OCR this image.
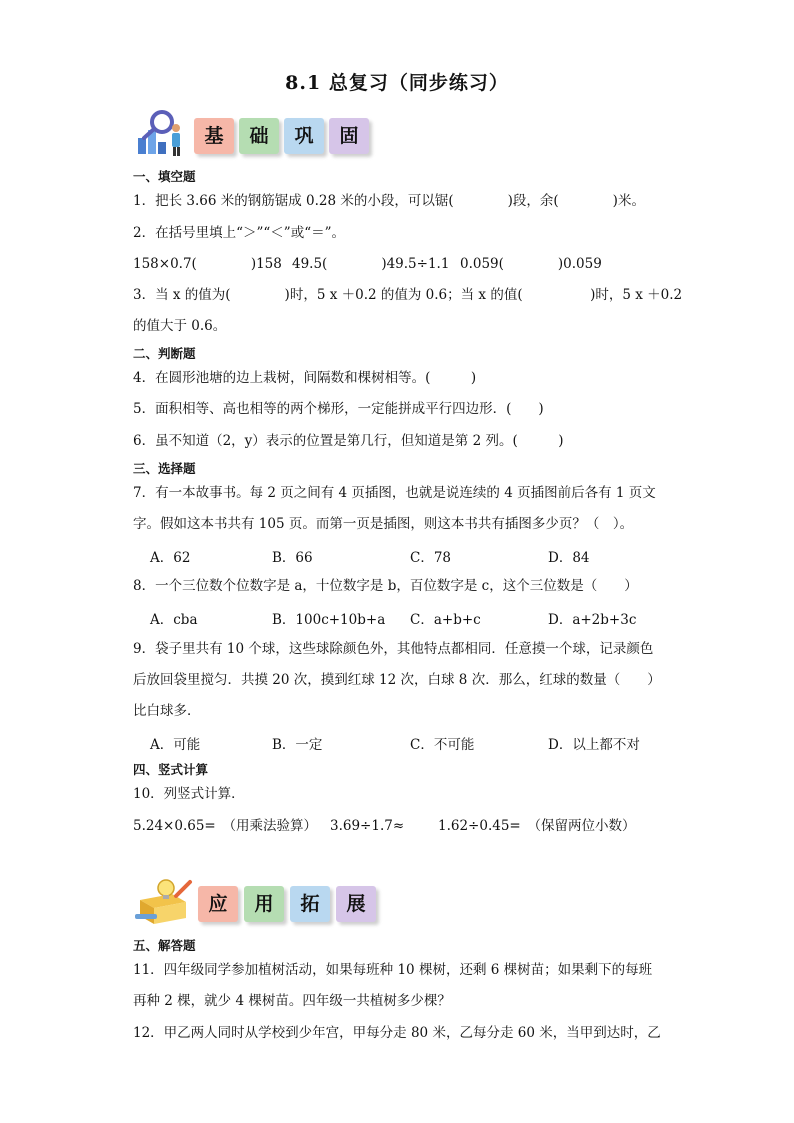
8.1 总复习（同步练习）
基	础	巩	固
一、填空题
1．把长 3.66 米的钢筋锯成 0.28 米的小段，可以锯(　　　　)段，余(　　　　)米。
2．在括号里填上“＞”“＜”或“＝”。
158×0.7(　　　　)158 49.5(　　　　)49.5÷1.1 0.059(　　　　)0.059
3．当 x 的值为(　　　　)时，5 x ＋0.2 的值为 0.6；当 x 的值(　　　　　)时，5 x ＋0.2
的值大于 0.6。
二、判断题
4．在圆形池塘的边上栽树，间隔数和棵树相等。(　　　)
5．面积相等、高也相等的两个梯形，一定能拼成平行四边形．(　　)
6．虽不知道（2，y）表示的位置是第几行，但知道是第 2 列。(　　　)
三、选择题
7．有一本故事书。每 2 页之间有 4 页插图，也就是说连续的 4 页插图前后各有 1 页文
字。假如这本书共有 105 页。而第一页是插图，则这本书共有插图多少页？（　）。
A．62	B．66	C．78	D．84
8．一个三位数个位数字是 a，十位数字是 b，百位数字是 c，这个三位数是（　　）
A．cba	B．100c+10b+a C．a+b+c	D．a+2b+3c
9．袋子里共有 10 个球，这些球除颜色外，其他特点都相同．任意摸一个球，记录颜色
后放回袋里搅匀．共摸 20 次，摸到红球 12 次，白球 8 次．那么，红球的数量（　　）
比白球多．
A．可能	B．一定	C．不可能	D．以上都不对
四、竖式计算
10．列竖式计算．
5.24×0.65=　（用乘法验算） 3.69÷1.7≈	1.62÷0.45=　（保留两位小数）
应	用	拓	展
五、解答题
11．四年级同学参加植树活动，如果每班种 10 棵树，还剩 6 棵树苗；如果剩下的每班
再种 2 棵，就少 4 棵树苗。四年级一共植树多少棵？
12．甲乙两人同时从学校到少年宫，甲每分走 80 米，乙每分走 60 米，当甲到达时，乙
